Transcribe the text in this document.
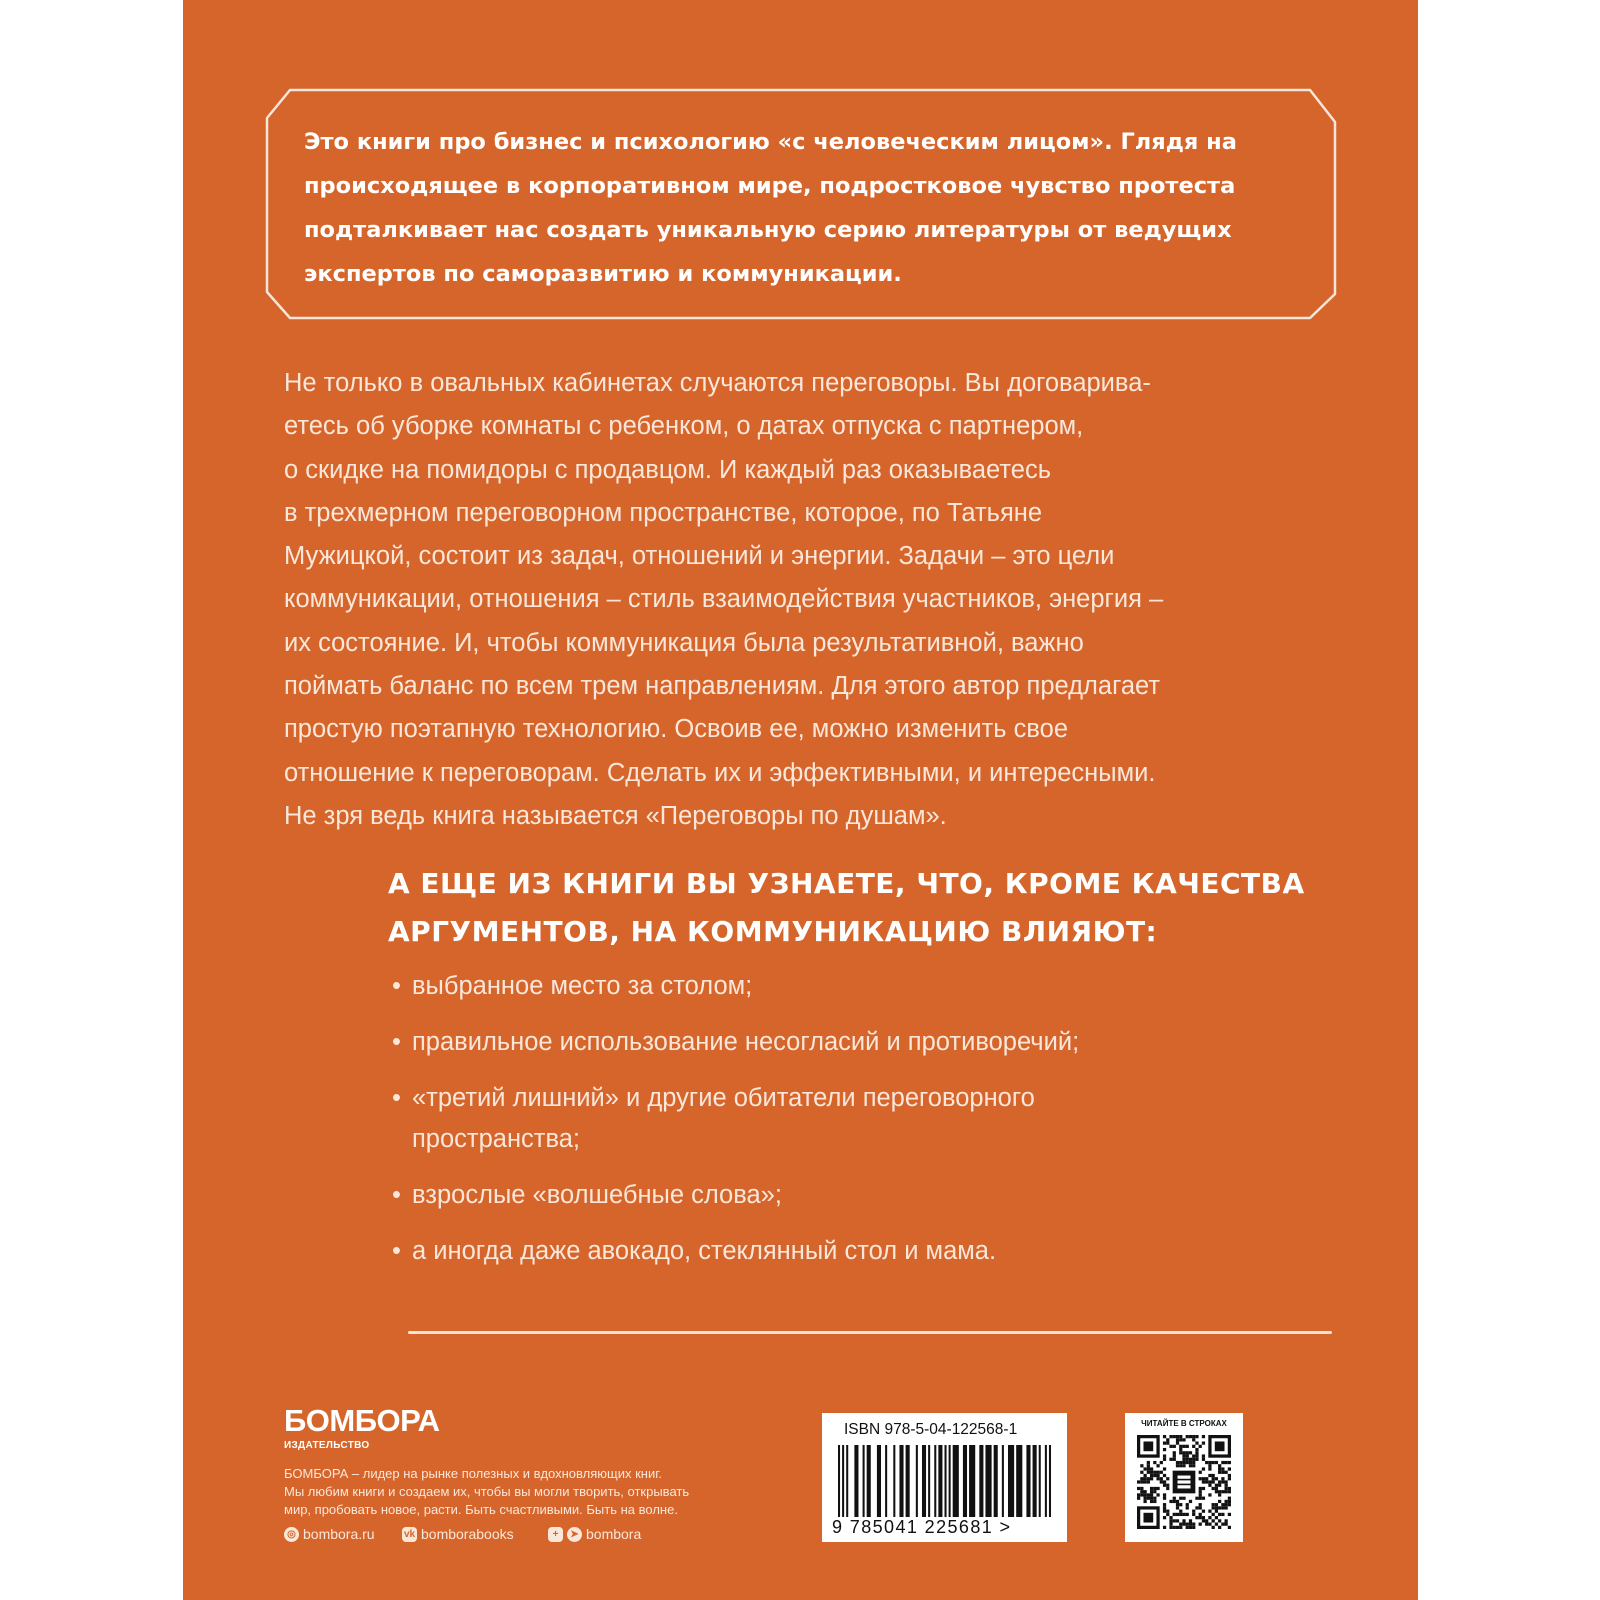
Это книги про бизнес и психологию «с человеческим лицом». Глядя на
происходящее в корпоративном мире, подростковое чувство протеста
подталкивает нас создать уникальную серию литературы от ведущих
экспертов по саморазвитию и коммуникации.

Не только в овальных кабинетах случаются переговоры. Вы договарива-
етесь об уборке комнаты с ребенком, о датах отпуска с партнером,
о скидке на помидоры с продавцом. И каждый раз оказываетесь
в трехмерном переговорном пространстве, которое, по Татьяне
Мужицкой, состоит из задач, отношений и энергии. Задачи – это цели
коммуникации, отношения – стиль взаимодействия участников, энергия –
их состояние. И, чтобы коммуникация была результативной, важно
поймать баланс по всем трем направлениям. Для этого автор предлагает
простую поэтапную технологию. Освоив ее, можно изменить свое
отношение к переговорам. Сделать их и эффективными, и интересными.
Не зря ведь книга называется «Переговоры по душам».

А ЕЩЕ ИЗ КНИГИ ВЫ УЗНАЕТЕ, ЧТО, КРОМЕ КАЧЕСТВА
АРГУМЕНТОВ, НА КОММУНИКАЦИЮ ВЛИЯЮТ:

• выбранное место за столом;
• правильное использование несогласий и противоречий;
• «третий лишний» и другие обитатели переговорного пространства;
• взрослые «волшебные слова»;
• а иногда даже авокадо, стеклянный стол и мама.
БОМБОРА
ИЗДАТЕЛЬСТВО

БОМБОРА – лидер на рынке полезных и вдохновляющих книг.
Мы любим книги и создаем их, чтобы вы могли творить, открывать
мир, пробовать новое, расти. Быть счастливыми. Быть на волне.

◎ bombora.ru	vk bomborabooks	+	➤ bombora
ISBN 978-5-04-122568-1
9 785041 225681 >
ЧИТАЙТЕ В СТРОКАХ
